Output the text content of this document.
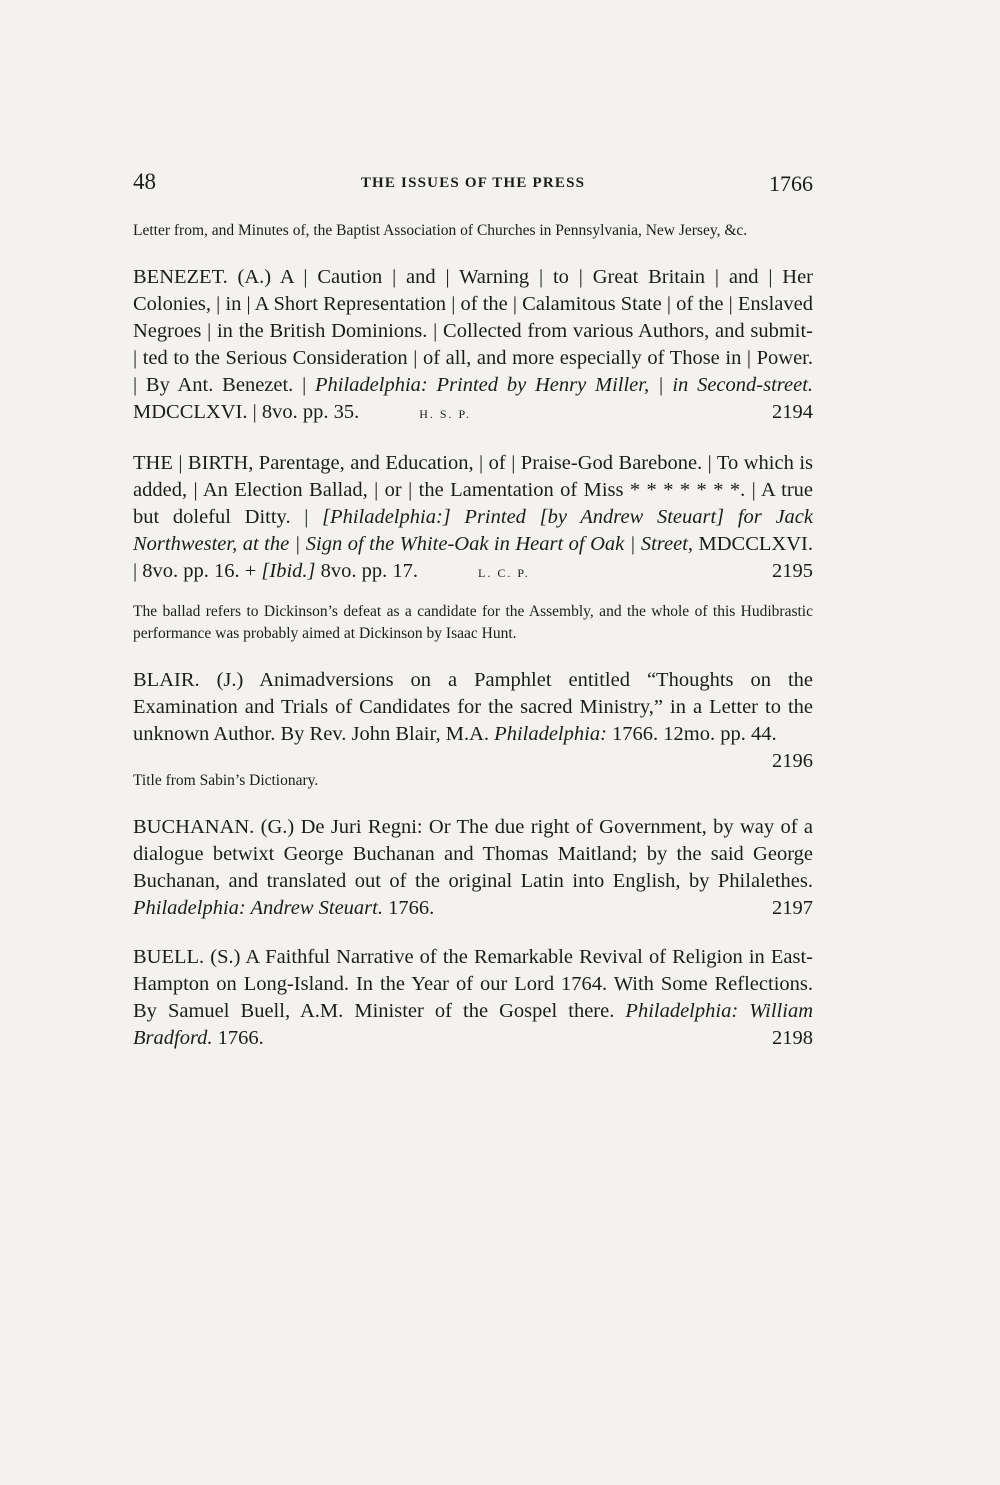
48	THE ISSUES OF THE PRESS	1766

Letter from, and Minutes of, the Baptist Association of Churches in Pennsylvania, New Jersey, &c.

BENEZET. (A.) A | Caution | and | Warning | to | Great Britain | and | Her Colonies, | in | A Short Representation | of the | Calamitous State | of the | Enslaved Negroes | in the British Dominions. | Collected from various Authors, and submit- | ted to the Serious Consideration | of all, and more especially of Those in | Power. | By Ant. Benezet. | Philadelphia: Printed by Henry Miller, | in Second-street. MDCCLXVI. | 8vo. pp. 35.	H. S. P.	2194

THE | BIRTH, Parentage, and Education, | of | Praise-God Barebone. | To which is added, | An Election Ballad, | or | the Lamentation of Miss * * * * * * *. | A true but doleful Ditty. | [Philadelphia:] Printed [by Andrew Steuart] for Jack Northwester, at the | Sign of the White-Oak in Heart of Oak | Street, MDCCLXVI. | 8vo. pp. 16. + [Ibid.] 8vo. pp. 17.	L. C. P.	2195

The ballad refers to Dickinson’s defeat as a candidate for the Assembly, and the whole of this Hudibrastic performance was probably aimed at Dickinson by Isaac Hunt.

BLAIR. (J.) Animadversions on a Pamphlet entitled “Thoughts on the Examination and Trials of Candidates for the sacred Ministry,” in a Letter to the unknown Author. By Rev. John Blair, M.A. Philadelphia: 1766. 12mo. pp. 44.
2196

Title from Sabin’s Dictionary.

BUCHANAN. (G.) De Juri Regni: Or The due right of Government, by way of a dialogue betwixt George Buchanan and Thomas Maitland; by the said George Buchanan, and translated out of the original Latin into English, by Philalethes. Philadelphia: Andrew Steuart. 1766.	2197

BUELL. (S.) A Faithful Narrative of the Remarkable Revival of Religion in East-Hampton on Long-Island. In the Year of our Lord 1764. With Some Reflections. By Samuel Buell, A.M. Minister of the Gospel there. Philadelphia: William Bradford. 1766.	2198
